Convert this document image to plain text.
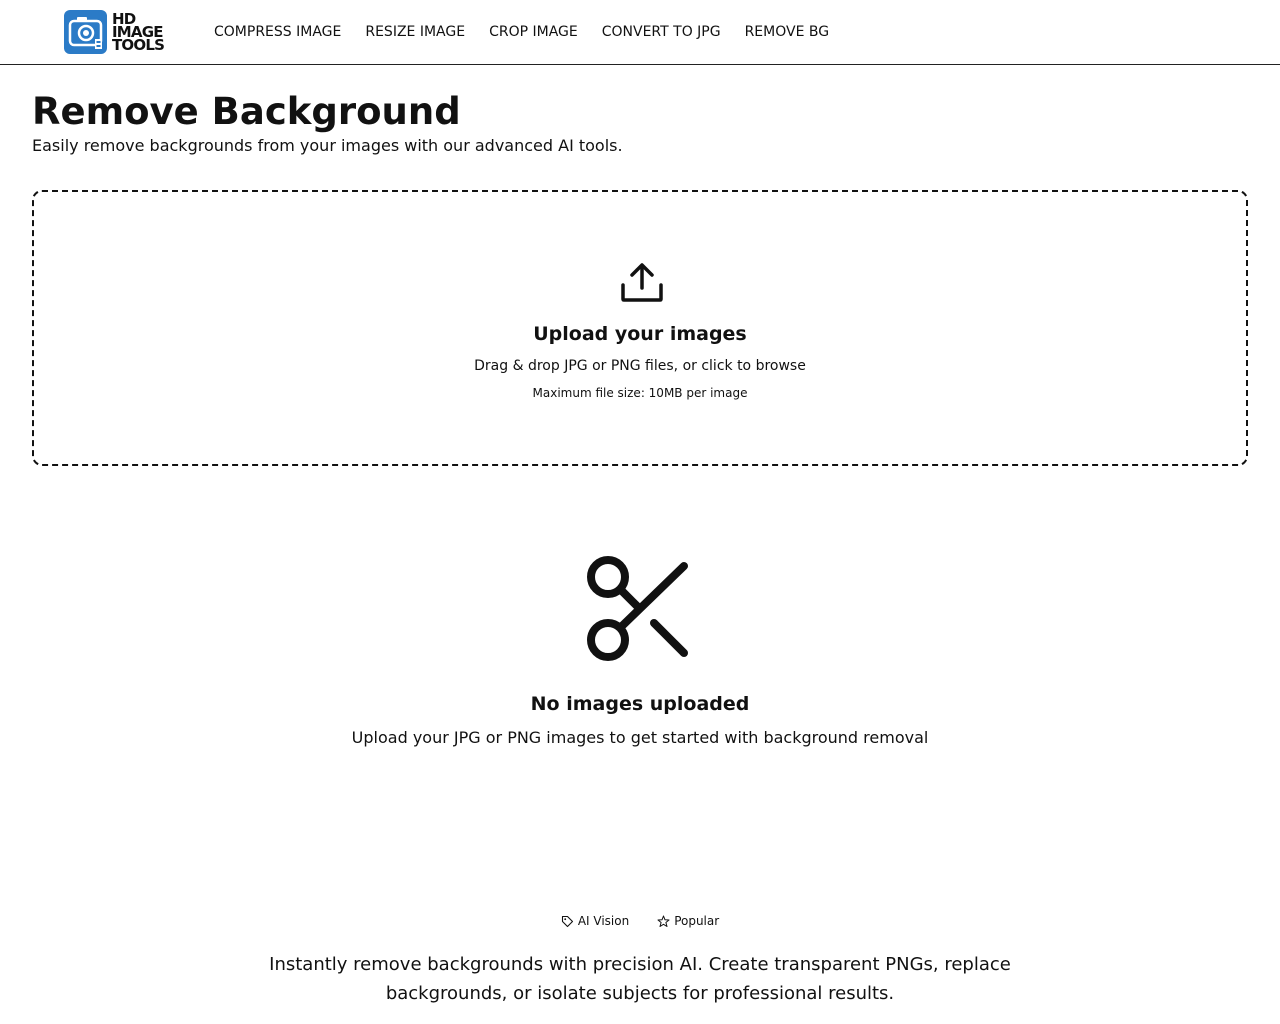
HD
IMAGE
TOOLS
COMPRESS IMAGE RESIZE IMAGE CROP IMAGE CONVERT TO JPG REMOVE BG
Remove Background

Easily remove backgrounds from your images with our advanced AI tools.

Upload your images
Drag & drop JPG or PNG files, or click to browse
Maximum file size: 10MB per image
No images uploaded
Upload your JPG or PNG images to get started with background removal
AI Vision	Popular

Instantly remove backgrounds with precision AI. Create transparent PNGs, replace backgrounds, or isolate subjects for professional results.
